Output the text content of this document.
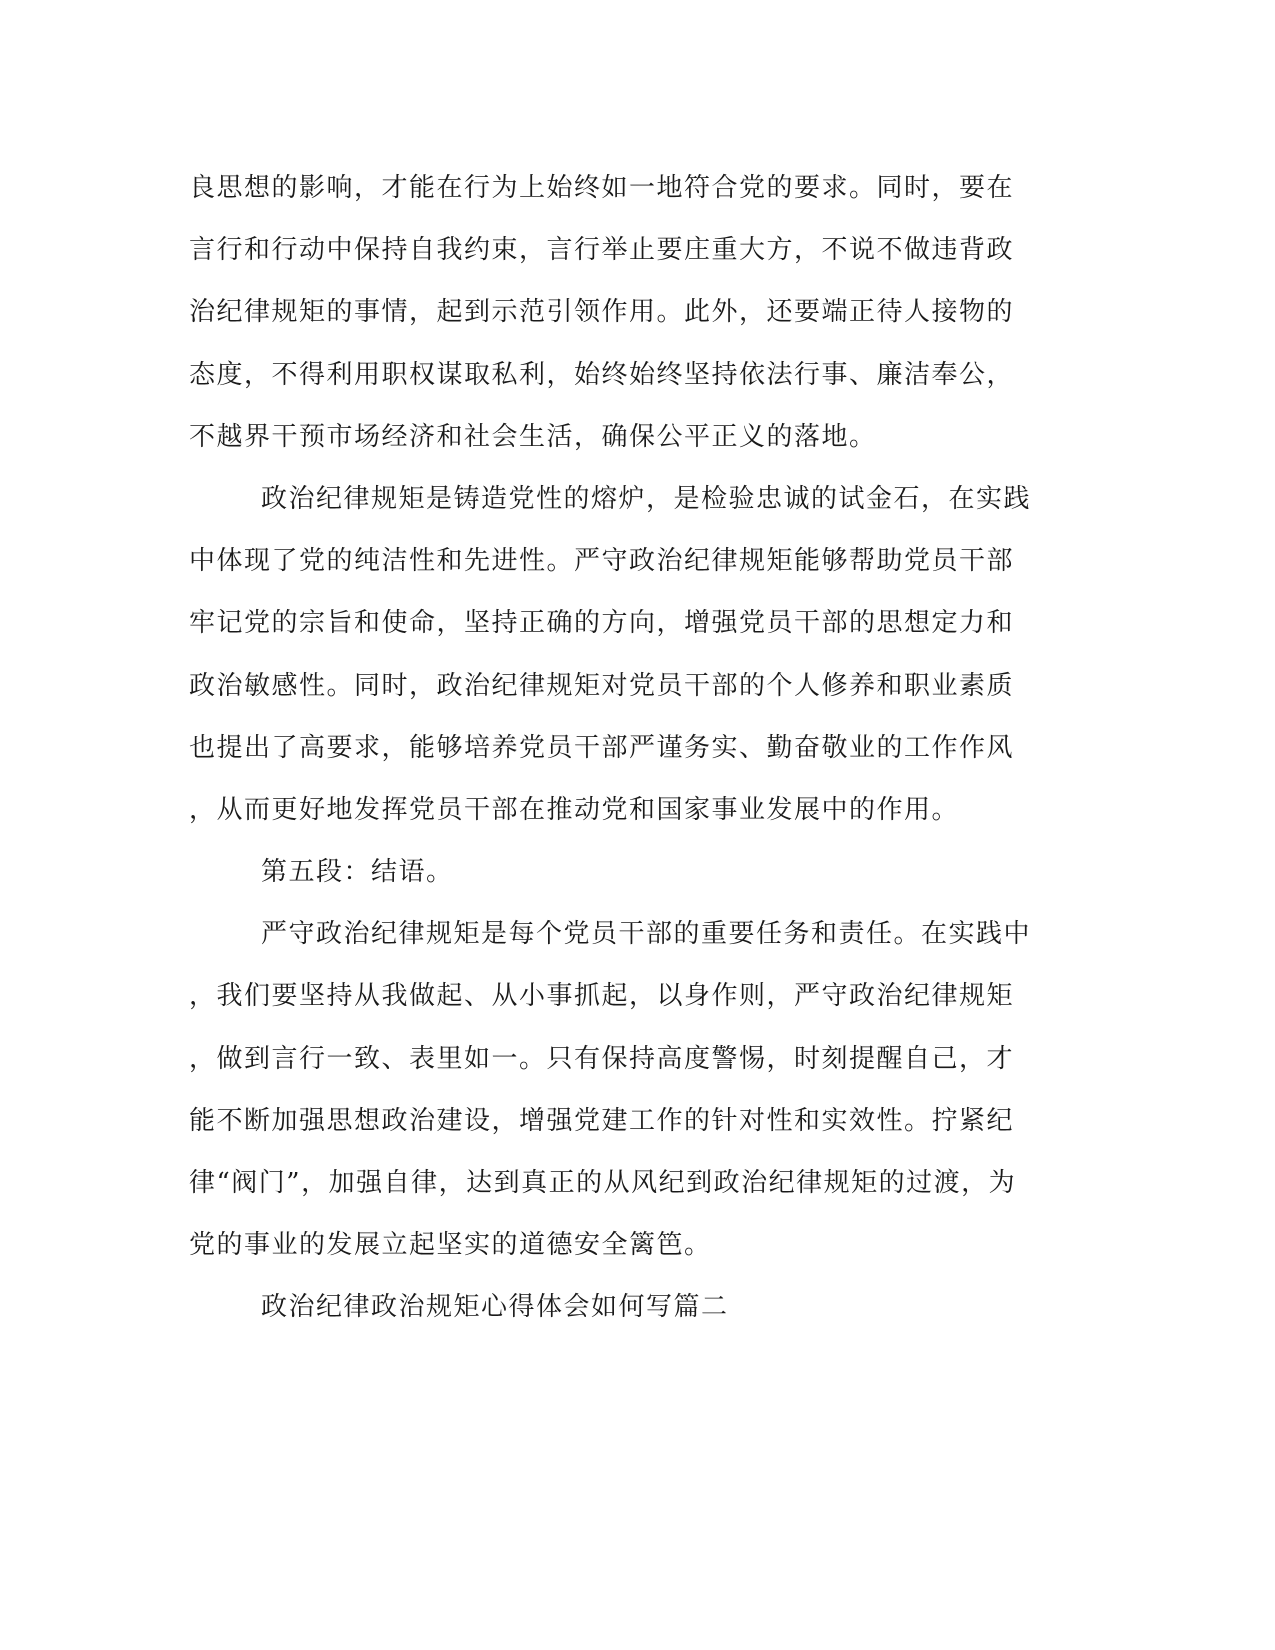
良思想的影响，才能在行为上始终如一地符合党的要求。同时，要在
言行和行动中保持自我约束，言行举止要庄重大方，不说不做违背政
治纪律规矩的事情，起到示范引领作用。此外，还要端正待人接物的
态度，不得利用职权谋取私利，始终始终坚持依法行事、廉洁奉公，
不越界干预市场经济和社会生活，确保公平正义的落地。
政治纪律规矩是铸造党性的熔炉，是检验忠诚的试金石，在实践
中体现了党的纯洁性和先进性。严守政治纪律规矩能够帮助党员干部
牢记党的宗旨和使命，坚持正确的方向，增强党员干部的思想定力和
政治敏感性。同时，政治纪律规矩对党员干部的个人修养和职业素质
也提出了高要求，能够培养党员干部严谨务实、勤奋敬业的工作作风
，从而更好地发挥党员干部在推动党和国家事业发展中的作用。
第五段：结语。
严守政治纪律规矩是每个党员干部的重要任务和责任。在实践中
，我们要坚持从我做起、从小事抓起，以身作则，严守政治纪律规矩
，做到言行一致、表里如一。只有保持高度警惕，时刻提醒自己，才
能不断加强思想政治建设，增强党建工作的针对性和实效性。拧紧纪
律“阀门”，加强自律，达到真正的从风纪到政治纪律规矩的过渡，为
党的事业的发展立起坚实的道德安全篱笆。
政治纪律政治规矩心得体会如何写篇二
